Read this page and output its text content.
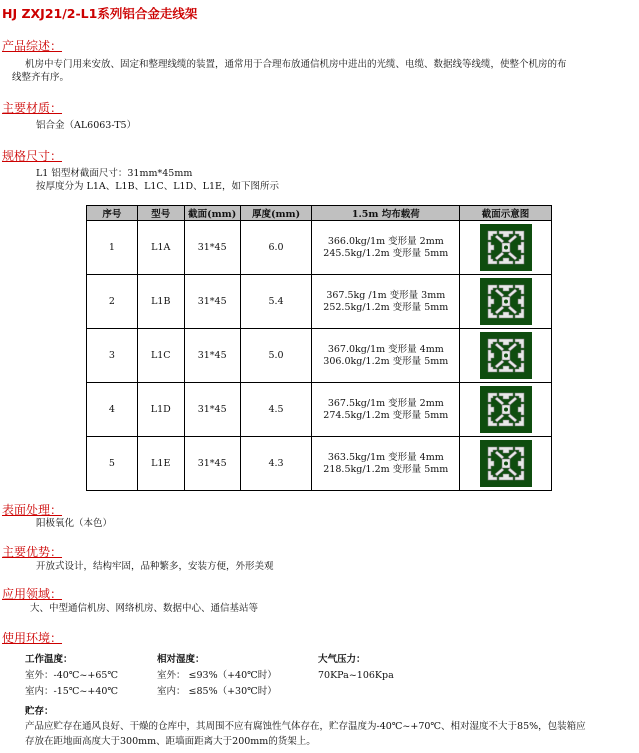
HJ ZXJ21/2-L1系列铝合金走线架
产品综述：
机房中专门用来安放、固定和整理线缆的装置，通常用于合理布放通信机房中进出的光缆、电缆、数据线等线缆，使整个机房的布
线整齐有序。
主要材质：
铝合金（AL6063-T5）
规格尺寸：
L1 铝型材截面尺寸：31mm*45mm
按厚度分为 L1A、L1B、L1C、L1D、L1E，如下图所示
序号	型号	截面(mm)	厚度(mm)	1.5m 均布载荷	截面示意图
1	L1A	31*45	6.0	366.0kg/1m 变形量 2mm
245.5kg/1.2m 变形量 5mm

2	L1B	31*45	5.4	367.5kg /1m 变形量 3mm
252.5kg/1.2m 变形量 5mm

3	L1C	31*45	5.0	367.0kg/1m 变形量 4mm
306.0kg/1.2m 变形量 5mm

4	L1D	31*45	4.5	367.5kg/1m 变形量 2mm
274.5kg/1.2m 变形量 5mm

5	L1E	31*45	4.3	363.5kg/1m 变形量 4mm
218.5kg/1.2m 变形量 5mm

表面处理：
阳极氧化（本色）
主要优势：
开放式设计，结构牢固，品种繁多，安装方便，外形美观
应用领域：
大、中型通信机房、网络机房、数据中心、通信基站等
使用环境：
工作温度：
室外：-40℃~+65℃
室内：-15℃~+40℃
相对湿度：
室外： ≤93%（+40℃时）
室内： ≤85%（+30℃时）
大气压力：
70KPa~106Kpa
贮存：
产品应贮存在通风良好、干燥的仓库中，其周围不应有腐蚀性气体存在，贮存温度为-40℃~+70℃、相对湿度不大于85%，包装箱应
存放在距地面高度大于300mm、距墙面距离大于200mm的货架上。
